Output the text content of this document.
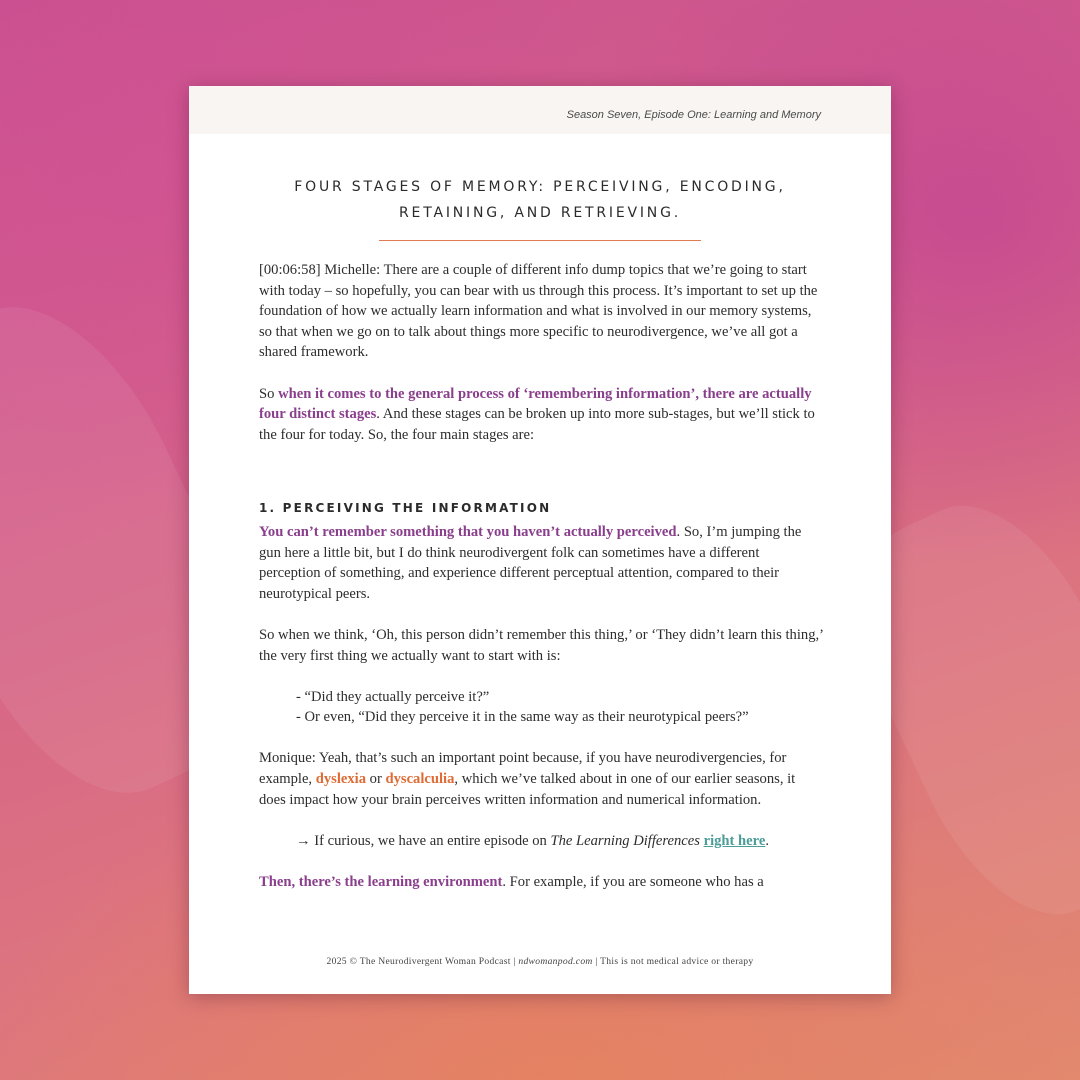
Season Seven, Episode One: Learning and Memory
FOUR STAGES OF MEMORY: PERCEIVING, ENCODING,
RETAINING, AND RETRIEVING.

[00:06:58] Michelle: There are a couple of different info dump topics that we’re going to start with today – so hopefully, you can bear with us through this process. It’s important to set up the foundation of how we actually learn information and what is involved in our memory systems, so that when we go on to talk about things more specific to neurodivergence, we’ve all got a shared framework.

So when it comes to the general process of ‘remembering information’, there are actually four distinct stages. And these stages can be broken up into more sub-stages, but we’ll stick to the four for today. So, the four main stages are:

1. PERCEIVING THE INFORMATION

You can’t remember something that you haven’t actually perceived. So, I’m jumping the gun here a little bit, but I do think neurodivergent folk can sometimes have a different perception of something, and experience different perceptual attention, compared to their neurotypical peers.

So when we think, ‘Oh, this person didn’t remember this thing,’ or ‘They didn’t learn this thing,’ the very first thing we actually want to start with is:

- “Did they actually perceive it?”

- Or even, “Did they perceive it in the same way as their neurotypical peers?”

Monique: Yeah, that’s such an important point because, if you have neurodivergencies, for example, dyslexia or dyscalculia, which we’ve talked about in one of our earlier seasons, it does impact how your brain perceives written information and numerical information.

→ If curious, we have an entire episode on The Learning Differences right here.

Then, there’s the learning environment. For example, if you are someone who has a

2025 © The Neurodivergent Woman Podcast | ndwomanpod.com | This is not medical advice or therapy
